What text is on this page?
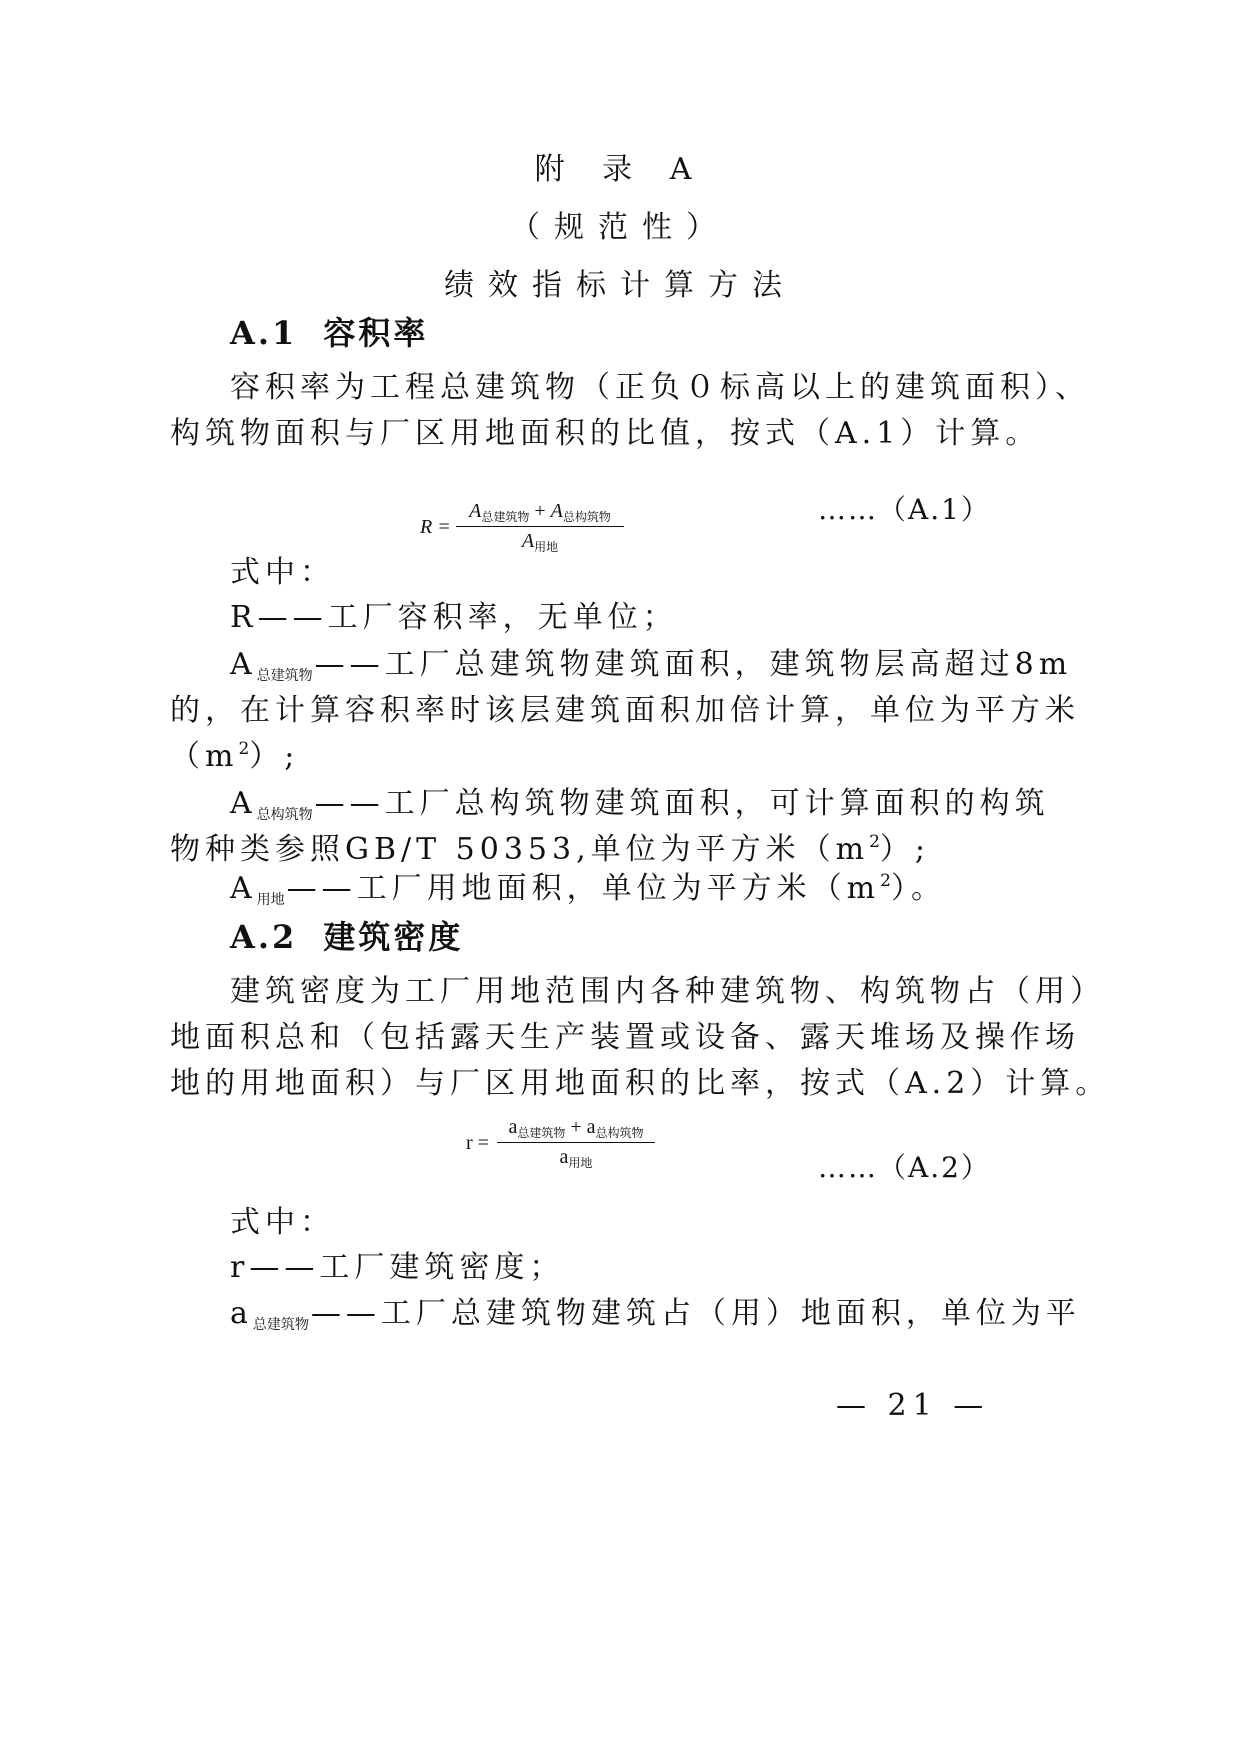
附 录 A
（规范性）
绩效指标计算方法
A.1 容积率
容积率为工程总建筑物（正负０标高以上的建筑面积）、
构筑物面积与厂区用地面积的比值，按式（A.1）计算。
R =
$A_{总建筑物} + A_{总构筑物}$
$A_{用地}$
……（A.1）
式中：
R——工厂容积率，无单位；
$A_{总建筑物}——$工厂总建筑物建筑面积，建筑物层高超过8m
的，在计算容积率时该层建筑面积加倍计算，单位为平方米
$(m^2)$;
$A_{总构筑物}——$工厂总构筑物建筑面积，可计算面积的构筑
物种类参照GB/T 50353,单位为平方米$(m^2)$;
$A_{用地}——$工厂用地面积，单位为平方米$(m^2)$。
A.2 建筑密度
建筑密度为工厂用地范围内各种建筑物、构筑物占（用）
地面积总和（包括露天生产装置或设备、露天堆场及操作场
地的用地面积）与厂区用地面积的比率，按式（A.2）计算。
r =
$a_{总建筑物} + a_{总构筑物}$
$a_{用地}$	……（A.2）
式中：
r——工厂建筑密度；
$a_{总建筑物}——$工厂总建筑物建筑占（用）地面积，单位为平
— 21 —
